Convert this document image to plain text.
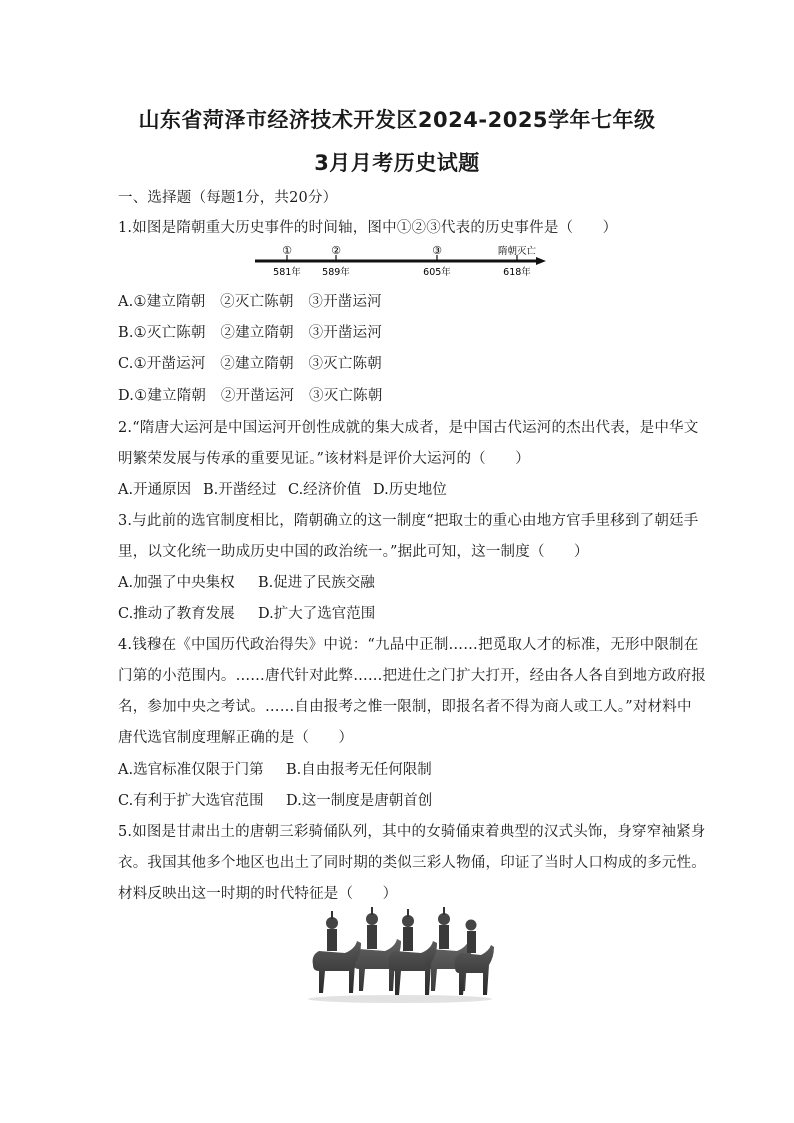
山东省菏泽市经济技术开发区2024-2025学年七年级
3月月考历史试题
一、选择题（每题1分，共20分）
1.如图是隋朝重大历史事件的时间轴，图中①②③代表的历史事件是（　　）
①	②	③	隋朝灭亡
581年 589年	605年	618年
A.①建立隋朝　②灭亡陈朝　③开凿运河
B.①灭亡陈朝　②建立隋朝　③开凿运河
C.①开凿运河　②建立隋朝　③灭亡陈朝
D.①建立隋朝　②开凿运河　③灭亡陈朝
2.“隋唐大运河是中国运河开创性成就的集大成者，是中国古代运河的杰出代表，是中华文
明繁荣发展与传承的重要见证。”该材料是评价大运河的（　　）
A.开通原因 B.开凿经过 C.经济价值 D.历史地位
3.与此前的选官制度相比，隋朝确立的这一制度“把取士的重心由地方官手里移到了朝廷手
里，以文化统一助成历史中国的政治统一。”据此可知，这一制度（　　）
A.加强了中央集权 B.促进了民族交融
C.推动了教育发展 D.扩大了选官范围
4.钱穆在《中国历代政治得失》中说：“九品中正制……把觅取人才的标准，无形中限制在
门第的小范围内。……唐代针对此弊……把进仕之门扩大打开，经由各人各自到地方政府报
名，参加中央之考试。……自由报考之惟一限制，即报名者不得为商人或工人。”对材料中
唐代选官制度理解正确的是（　　）
A.选官标准仅限于门第 B.自由报考无任何限制
C.有利于扩大选官范围 D.这一制度是唐朝首创
5.如图是甘肃出土的唐朝三彩骑俑队列，其中的女骑俑束着典型的汉式头饰，身穿窄袖紧身
衣。我国其他多个地区也出土了同时期的类似三彩人物俑，印证了当时人口构成的多元性。
材料反映出这一时期的时代特征是（　　）
